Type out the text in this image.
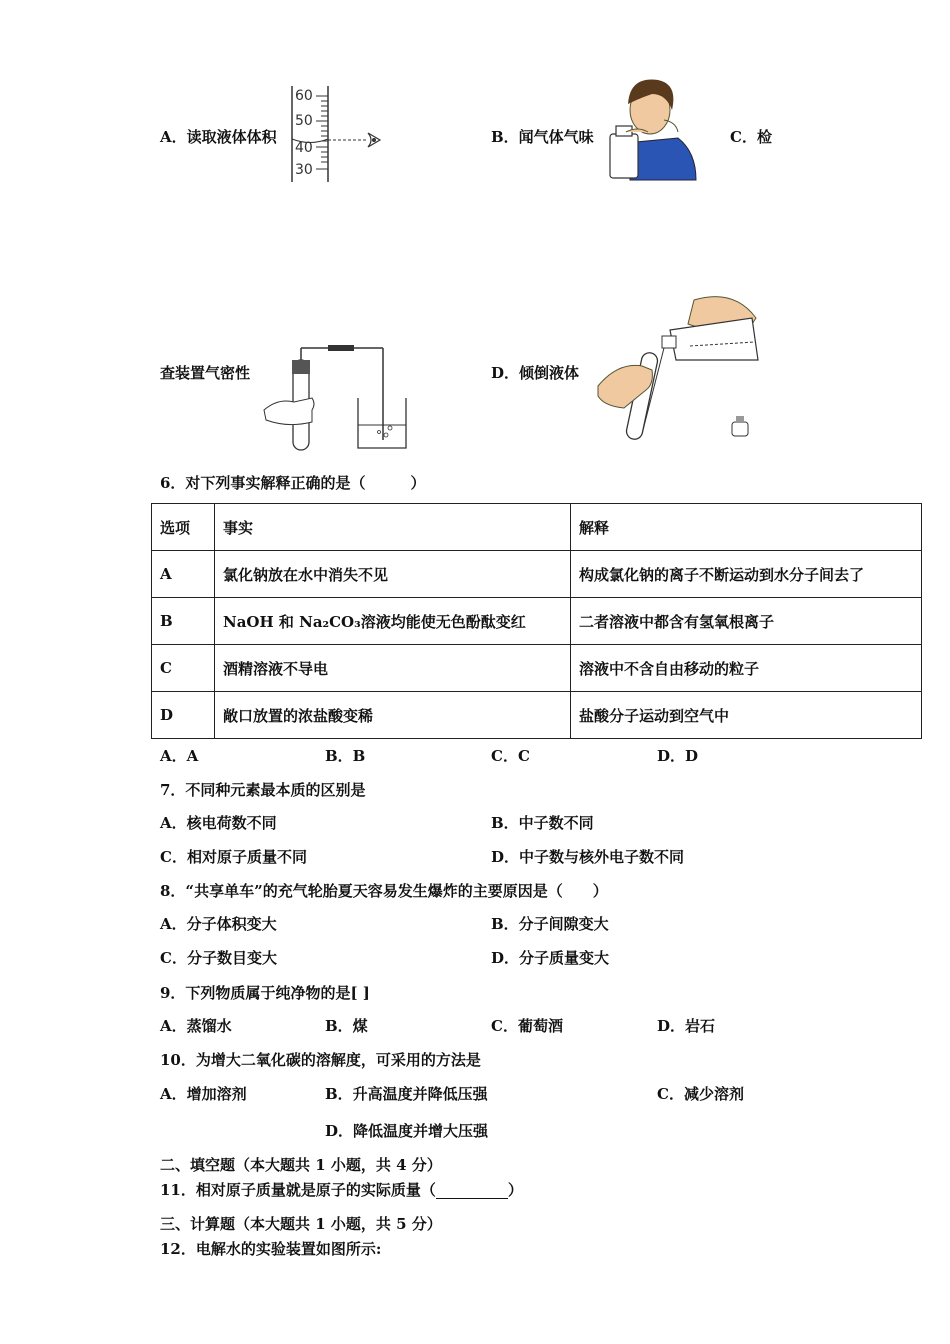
A．读取液体体积
60
50
40
30
B．闻气体气味	C．检
查装置气密性	D．倾倒液体
6．对下列事实解释正确的是（　　　）
选项	事实	解释
A	氯化钠放在水中消失不见	构成氯化钠的离子不断运动到水分子间去了
B	NaOH 和 Na₂CO₃溶液均能使无色酚酞变红	二者溶液中都含有氢氧根离子
C	酒精溶液不导电	溶液中不含自由移动的粒子
D	敞口放置的浓盐酸变稀	盐酸分子运动到空气中
A．A	B．B	C．C	D．D
7．不同种元素最本质的区别是
A．核电荷数不同	B．中子数不同
C．相对原子质量不同	D．中子数与核外电子数不同
8．“共享单车”的充气轮胎夏天容易发生爆炸的主要原因是（　　）
A．分子体积变大	B．分子间隙变大
C．分子数目变大	D．分子质量变大
9．下列物质属于纯净物的是[ ]
A．蒸馏水	B．煤	C．葡萄酒	D．岩石
10．为增大二氧化碳的溶解度，可采用的方法是
A．增加溶剂	B．升高温度并降低压强	C．减少溶剂
D．降低温度并增大压强
二、填空题（本大题共 1 小题，共 4 分）
11．相对原子质量就是原子的实际质量（	）
三、计算题（本大题共 1 小题，共 5 分）
12．电解水的实验装置如图所示:
